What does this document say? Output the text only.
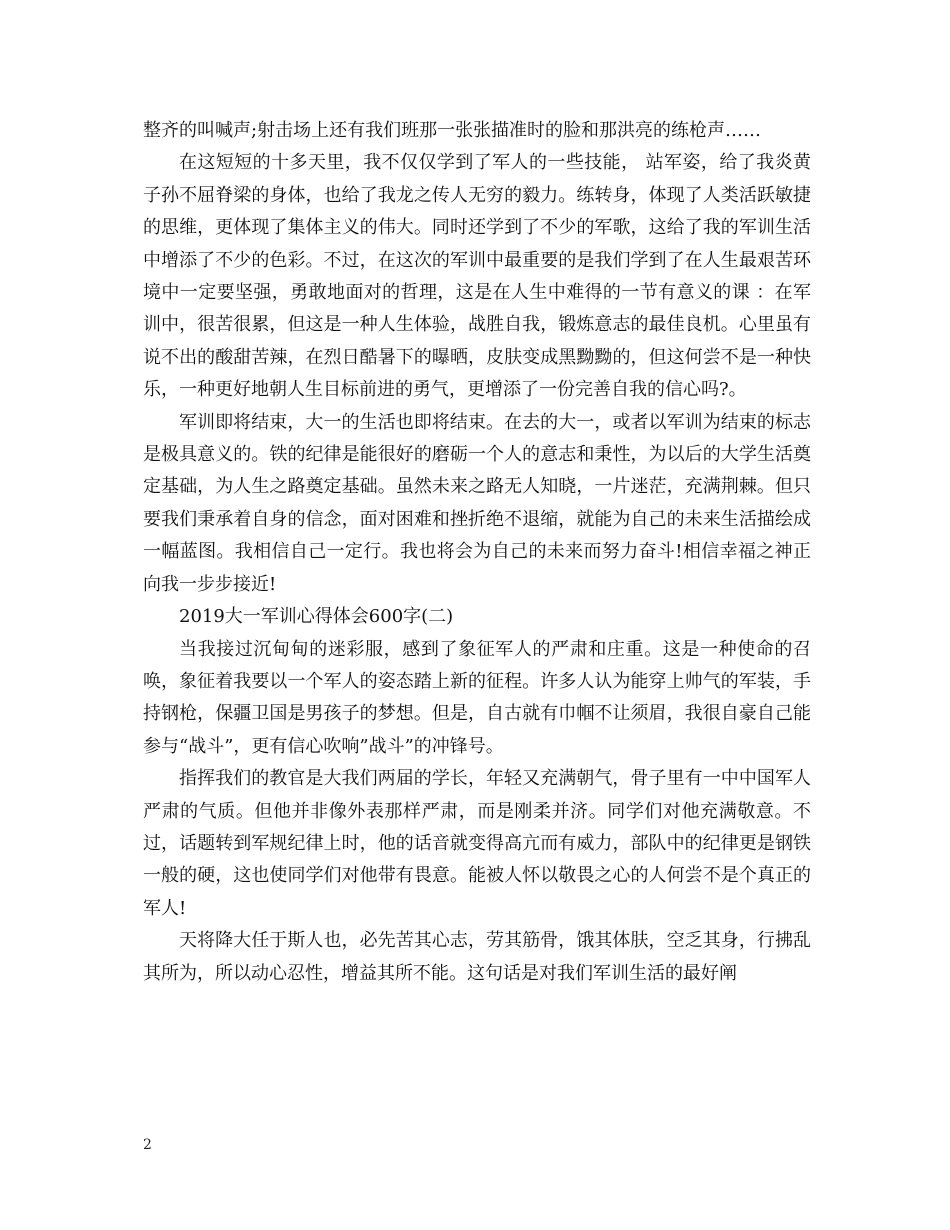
整齐的叫喊声;射击场上还有我们班那一张张描准时的脸和那洪亮的练枪声……

在这短短的十多天里，我不仅仅学到了军人的一些技能， 站军姿，给了我炎黄子孙不屈脊梁的身体，也给了我龙之传人无穷的毅力。练转身，体现了人类活跃敏捷的思维，更体现了集体主义的伟大。同时还学到了不少的军歌，这给了我的军训生活中增添了不少的色彩。不过，在这次的军训中最重要的是我们学到了在人生最艰苦环境中一定要坚强，勇敢地面对的哲理，这是在人生中难得的一节有意义的课 ：在军训中，很苦很累，但这是一种人生体验，战胜自我，锻炼意志的最佳良机。心里虽有说不出的酸甜苦辣，在烈日酷暑下的曝晒，皮肤变成黑黝黝的，但这何尝不是一种快乐，一种更好地朝人生目标前进的勇气，更增添了一份完善自我的信心吗?。

军训即将结束，大一的生活也即将结束。在去的大一，或者以军训为结束的标志是极具意义的。铁的纪律是能很好的磨砺一个人的意志和秉性，为以后的大学生活奠定基础，为人生之路奠定基础。虽然未来之路无人知晓，一片迷茫，充满荆棘。但只要我们秉承着自身的信念，面对困难和挫折绝不退缩，就能为自己的未来生活描绘成一幅蓝图。我相信自己一定行。我也将会为自己的未来而努力奋斗!相信幸福之神正向我一步步接近!

2019大一军训心得体会600字(二)

当我接过沉甸甸的迷彩服，感到了象征军人的严肃和庄重。这是一种使命的召唤，象征着我要以一个军人的姿态踏上新的征程。许多人认为能穿上帅气的军装，手持钢枪，保疆卫国是男孩子的梦想。但是，自古就有巾帼不让须眉，我很自豪自己能参与“战斗”，更有信心吹响”战斗”的冲锋号。

指挥我们的教官是大我们两届的学长，年轻又充满朝气，骨子里有一中中国军人严肃的气质。但他并非像外表那样严肃，而是刚柔并济。同学们对他充满敬意。不过，话题转到军规纪律上时，他的话音就变得高亢而有威力，部队中的纪律更是钢铁一般的硬，这也使同学们对他带有畏意。能被人怀以敬畏之心的人何尝不是个真正的军人!

天将降大任于斯人也，必先苦其心志，劳其筋骨，饿其体肤，空乏其身，行拂乱其所为，所以动心忍性，增益其所不能。这句话是对我们军训生活的最好阐

2
